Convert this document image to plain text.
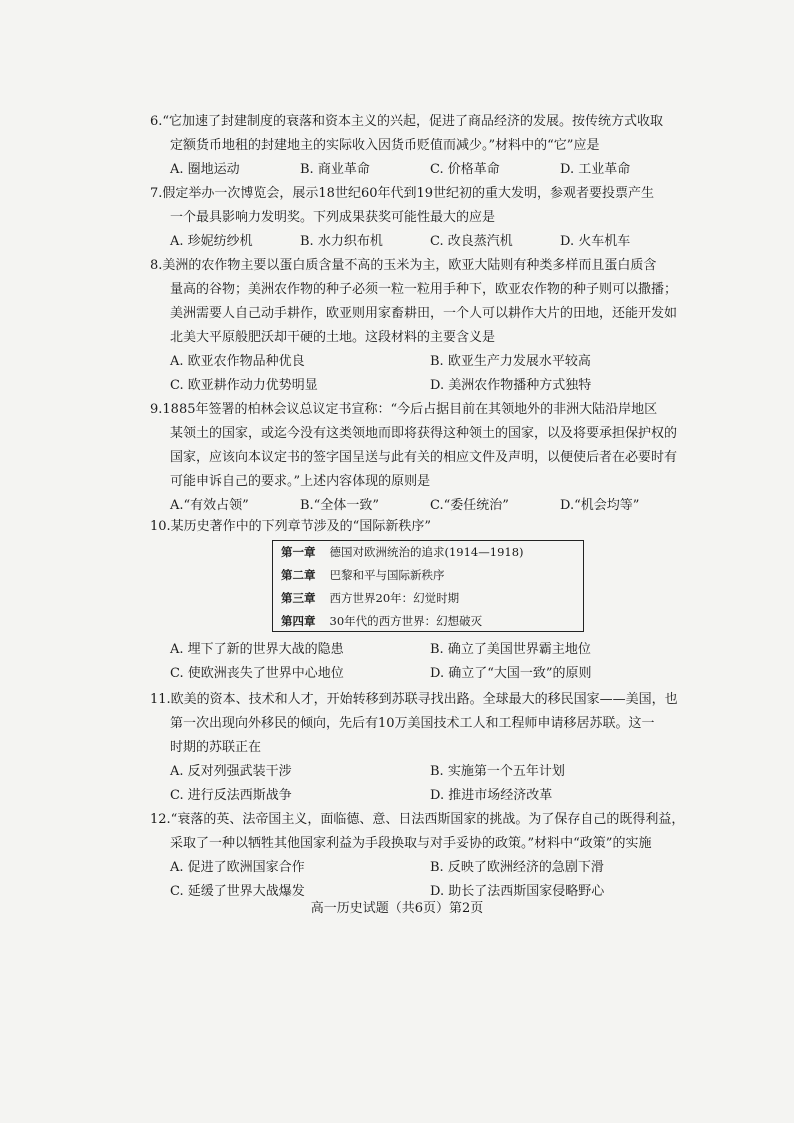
6.“它加速了封建制度的衰落和资本主义的兴起，促进了商品经济的发展。按传统方式收取
定额货币地租的封建地主的实际收入因货币贬值而减少。”材料中的“它”应是
A. 圈地运动	B. 商业革命	C. 价格革命	D. 工业革命
7.假定举办一次博览会，展示18世纪60年代到19世纪初的重大发明，参观者要投票产生
一个最具影响力发明奖。下列成果获奖可能性最大的应是
A. 珍妮纺纱机	B. 水力织布机	C. 改良蒸汽机	D. 火车机车
8.美洲的农作物主要以蛋白质含量不高的玉米为主，欧亚大陆则有种类多样而且蛋白质含
量高的谷物；美洲农作物的种子必须一粒一粒用手种下，欧亚农作物的种子则可以撒播；
美洲需要人自己动手耕作，欧亚则用家畜耕田，一个人可以耕作大片的田地，还能开发如
北美大平原般肥沃却干硬的土地。这段材料的主要含义是
A. 欧亚农作物品种优良	B. 欧亚生产力发展水平较高
C. 欧亚耕作动力优势明显	D. 美洲农作物播种方式独特
9.1885年签署的柏林会议总议定书宣称：“今后占据目前在其领地外的非洲大陆沿岸地区
某领土的国家，或迄今没有这类领地而即将获得这种领土的国家，以及将要承担保护权的
国家，应该向本议定书的签字国呈送与此有关的相应文件及声明，以便使后者在必要时有
可能申诉自己的要求。”上述内容体现的原则是
A.“有效占领”	B.“全体一致”	C.“委任统治”	D.“机会均等”
10.某历史著作中的下列章节涉及的“国际新秩序”
第一章 德国对欧洲统治的追求(1914—1918)
第二章 巴黎和平与国际新秩序
第三章 西方世界20年：幻觉时期
第四章 30年代的西方世界：幻想破灭
A. 埋下了新的世界大战的隐患	B. 确立了美国世界霸主地位
C. 使欧洲丧失了世界中心地位	D. 确立了“大国一致”的原则
11.欧美的资本、技术和人才，开始转移到苏联寻找出路。全球最大的移民国家——美国，也
第一次出现向外移民的倾向，先后有10万美国技术工人和工程师申请移居苏联。这一
时期的苏联正在
A. 反对列强武装干涉	B. 实施第一个五年计划
C. 进行反法西斯战争	D. 推进市场经济改革
12.“衰落的英、法帝国主义，面临德、意、日法西斯国家的挑战。为了保存自己的既得利益，
采取了一种以牺牲其他国家利益为手段换取与对手妥协的政策。”材料中“政策”的实施
A. 促进了欧洲国家合作	B. 反映了欧洲经济的急剧下滑
C. 延缓了世界大战爆发	D. 助长了法西斯国家侵略野心
高一历史试题（共6页）第2页
